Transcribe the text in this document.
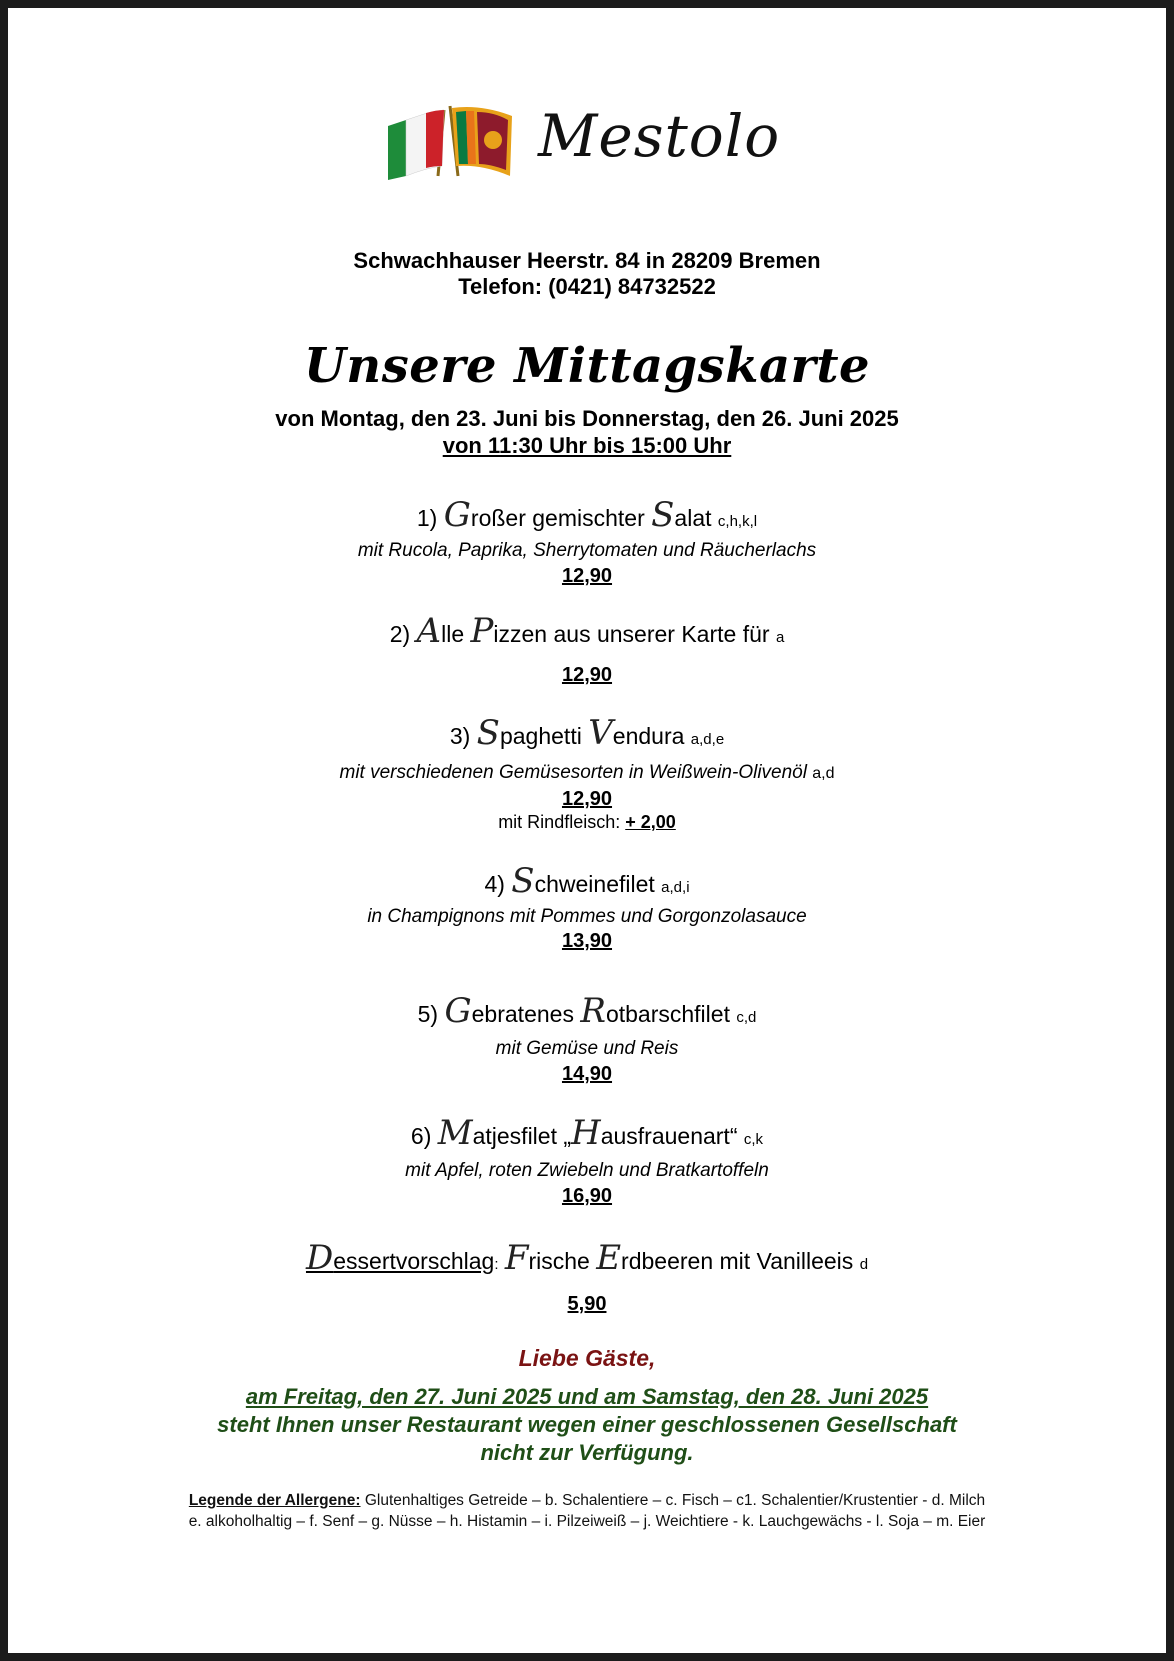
Mestolo
Schwachhauser Heerstr. 84 in 28209 Bremen
Telefon: (0421) 84732522
Unsere Mittagskarte
von Montag, den 23. Juni bis Donnerstag, den 26. Juni 2025
von 11:30 Uhr bis 15:00 Uhr
1) Großer gemischter Salat c,h,k,l
mit Rucola, Paprika, Sherrytomaten und Räucherlachs
12,90
2) Alle Pizzen aus unserer Karte für a
12,90
3) Spaghetti Vendura a,d,e
mit verschiedenen Gemüsesorten in Weißwein-Olivenöl a,d
12,90
mit Rindfleisch: + 2,00
4) Schweinefilet a,d,i
in Champignons mit Pommes und Gorgonzolasauce
13,90
5) Gebratenes Rotbarschfilet c,d
mit Gemüse und Reis
14,90
6) Matjesfilet „Hausfrauenart“ c,k
mit Apfel, roten Zwiebeln und Bratkartoffeln
16,90
Dessertvorschlag: Frische Erdbeeren mit Vanilleeis d
5,90
Liebe Gäste,
am Freitag, den 27. Juni 2025 und am Samstag, den 28. Juni 2025
steht Ihnen unser Restaurant wegen einer geschlossenen Gesellschaft
nicht zur Verfügung.
Legende der Allergene: Glutenhaltiges Getreide – b. Schalentiere – c. Fisch – c1. Schalentier/Krustentier - d. Milch
e. alkoholhaltig – f. Senf – g. Nüsse – h. Histamin – i. Pilzeiweiß – j. Weichtiere - k. Lauchgewächs - l. Soja – m. Eier
